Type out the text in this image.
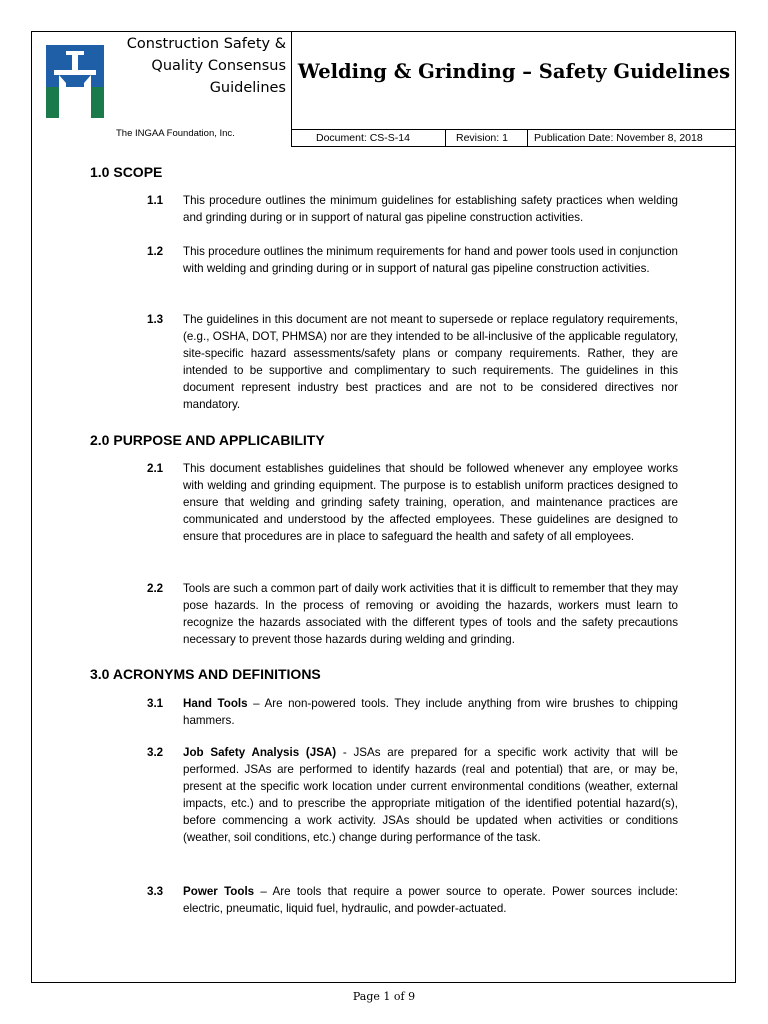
Construction Safety &
Quality Consensus
Guidelines
The INGAA Foundation, Inc.
Welding & Grinding – Safety Guidelines
Document: CS-S-14	Revision: 1 Publication Date: November 8, 2018
1.0 SCOPE
1.1 This procedure outlines the minimum guidelines for establishing safety practices when welding and grinding during or in support of natural gas pipeline construction activities.
1.2 This procedure outlines the minimum requirements for hand and power tools used in conjunction with welding and grinding during or in support of natural gas pipeline construction activities.
1.3 The guidelines in this document are not meant to supersede or replace regulatory requirements, (e.g., OSHA, DOT, PHMSA) nor are they intended to be all-inclusive of the applicable regulatory, site-specific hazard assessments/safety plans or company requirements. Rather, they are intended to be supportive and complimentary to such requirements. The guidelines in this document represent industry best practices and are not to be considered directives nor mandatory.
2.0 PURPOSE AND APPLICABILITY
2.1 This document establishes guidelines that should be followed whenever any employee works with welding and grinding equipment. The purpose is to establish uniform practices designed to ensure that welding and grinding safety training, operation, and maintenance practices are communicated and understood by the affected employees. These guidelines are designed to ensure that procedures are in place to safeguard the health and safety of all employees.
2.2 Tools are such a common part of daily work activities that it is difficult to remember that they may pose hazards. In the process of removing or avoiding the hazards, workers must learn to recognize the hazards associated with the different types of tools and the safety precautions necessary to prevent those hazards during welding and grinding.
3.0 ACRONYMS AND DEFINITIONS
3.1 Hand Tools – Are non-powered tools. They include anything from wire brushes to chipping hammers.
3.2 Job Safety Analysis (JSA) - JSAs are prepared for a specific work activity that will be performed. JSAs are performed to identify hazards (real and potential) that are, or may be, present at the specific work location under current environmental conditions (weather, external impacts, etc.) and to prescribe the appropriate mitigation of the identified potential hazard(s), before commencing a work activity. JSAs should be updated when activities or conditions (weather, soil conditions, etc.) change during performance of the task.
3.3 Power Tools – Are tools that require a power source to operate. Power sources include: electric, pneumatic, liquid fuel, hydraulic, and powder-actuated.
Page 1 of 9
